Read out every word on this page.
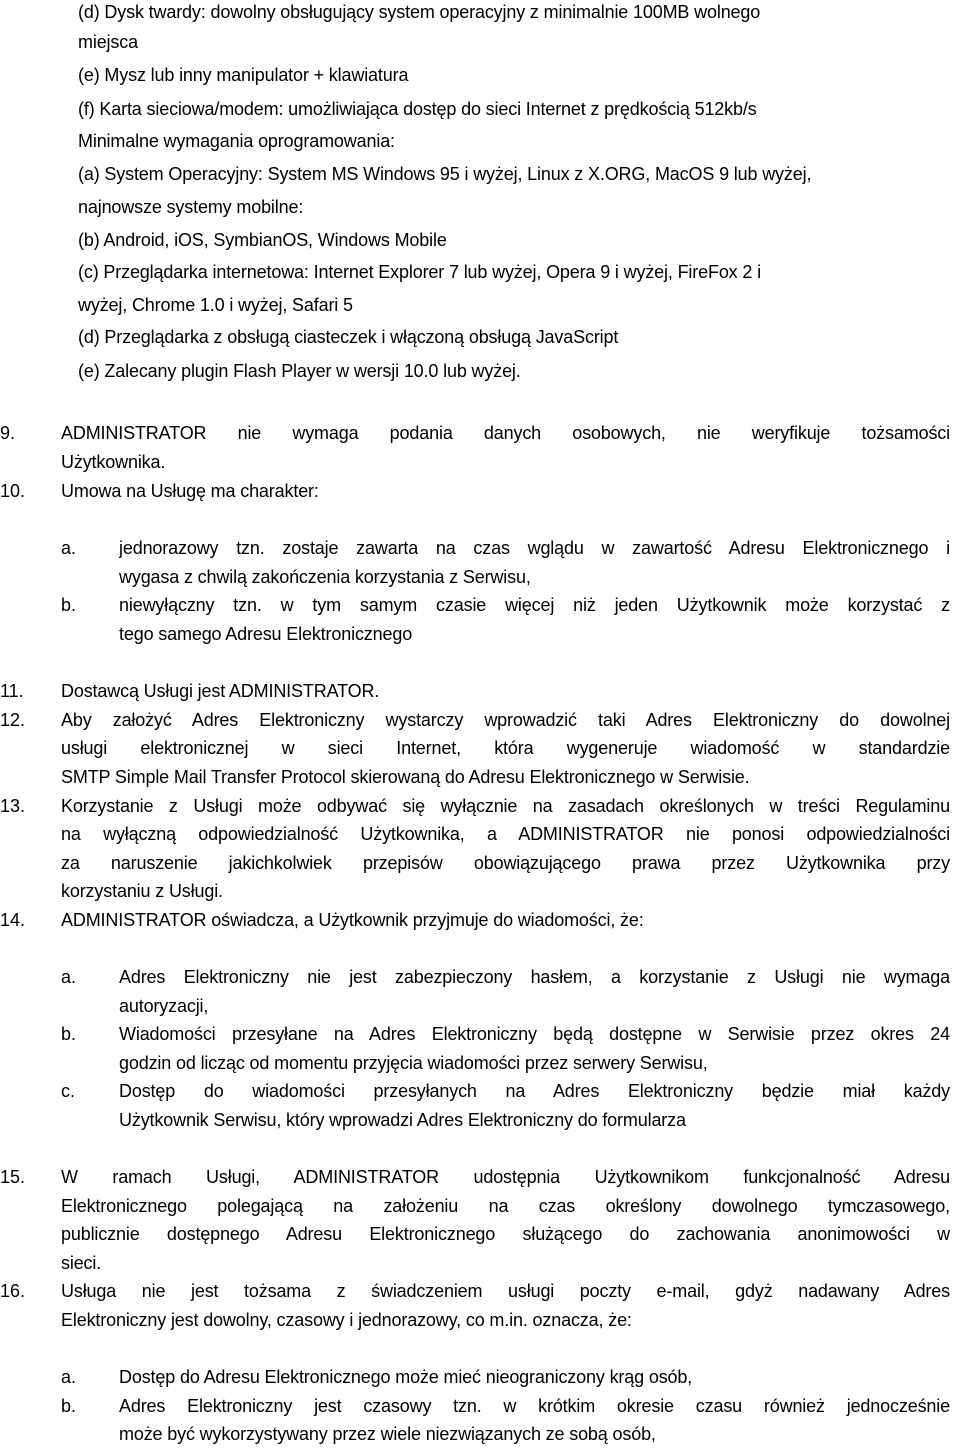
(d) Dysk twardy: dowolny obsługujący system operacyjny z minimalnie 100MB wolnego

miejsca

(e) Mysz lub inny manipulator + klawiatura

(f) Karta sieciowa/modem: umożliwiająca dostęp do sieci Internet z prędkością 512kb/s

Minimalne wymagania oprogramowania:

(a) System Operacyjny: System MS Windows 95 i wyżej, Linux z X.ORG, MacOS 9 lub wyżej,

najnowsze systemy mobilne:

(b) Android, iOS, SymbianOS, Windows Mobile

(c) Przeglądarka internetowa: Internet Explorer 7 lub wyżej, Opera 9 i wyżej, FireFox 2 i

wyżej, Chrome 1.0 i wyżej, Safari 5

(d) Przeglądarka z obsługą ciasteczek i włączoną obsługą JavaScript

(e) Zalecany plugin Flash Player w wersji 10.0 lub wyżej.

9.	ADMINISTRATOR nie wymaga podania danych osobowych, nie weryfikuje tożsamości

Użytkownika.

10. Umowa na Usługę ma charakter:

a. jednorazowy tzn. zostaje zawarta na czas wglądu w zawartość Adresu Elektronicznego i

wygasa z chwilą zakończenia korzystania z Serwisu,

b. niewyłączny tzn. w tym samym czasie więcej niż jeden Użytkownik może korzystać z

tego samego Adresu Elektronicznego

11. Dostawcą Usługi jest ADMINISTRATOR.

12. Aby założyć Adres Elektroniczny wystarczy wprowadzić taki Adres Elektroniczny do dowolnej

usługi elektronicznej w sieci Internet, która wygeneruje wiadomość w standardzie

SMTP Simple Mail Transfer Protocol skierowaną do Adresu Elektronicznego w Serwisie.

13. Korzystanie z Usługi może odbywać się wyłącznie na zasadach określonych w treści Regulaminu

na wyłączną odpowiedzialność Użytkownika, a ADMINISTRATOR nie ponosi odpowiedzialności

za naruszenie jakichkolwiek przepisów obowiązującego prawa przez Użytkownika przy

korzystaniu z Usługi.

14. ADMINISTRATOR oświadcza, a Użytkownik przyjmuje do wiadomości, że:

a. Adres Elektroniczny nie jest zabezpieczony hasłem, a korzystanie z Usługi nie wymaga

autoryzacji,

b. Wiadomości przesyłane na Adres Elektroniczny będą dostępne w Serwisie przez okres 24

godzin od licząc od momentu przyjęcia wiadomości przez serwery Serwisu,

c. Dostęp do wiadomości przesyłanych na Adres Elektroniczny będzie miał każdy

Użytkownik Serwisu, który wprowadzi Adres Elektroniczny do formularza

15. W ramach Usługi, ADMINISTRATOR udostępnia Użytkownikom funkcjonalność Adresu

Elektronicznego polegającą na założeniu na czas określony dowolnego tymczasowego,

publicznie dostępnego Adresu Elektronicznego służącego do zachowania anonimowości w

sieci.

16. Usługa nie jest tożsama z świadczeniem usługi poczty e-mail, gdyż nadawany Adres

Elektroniczny jest dowolny, czasowy i jednorazowy, co m.in. oznacza, że:

a. Dostęp do Adresu Elektronicznego może mieć nieograniczony krąg osób,

b. Adres Elektroniczny jest czasowy tzn. w krótkim okresie czasu również jednocześnie

może być wykorzystywany przez wiele niezwiązanych ze sobą osób,
